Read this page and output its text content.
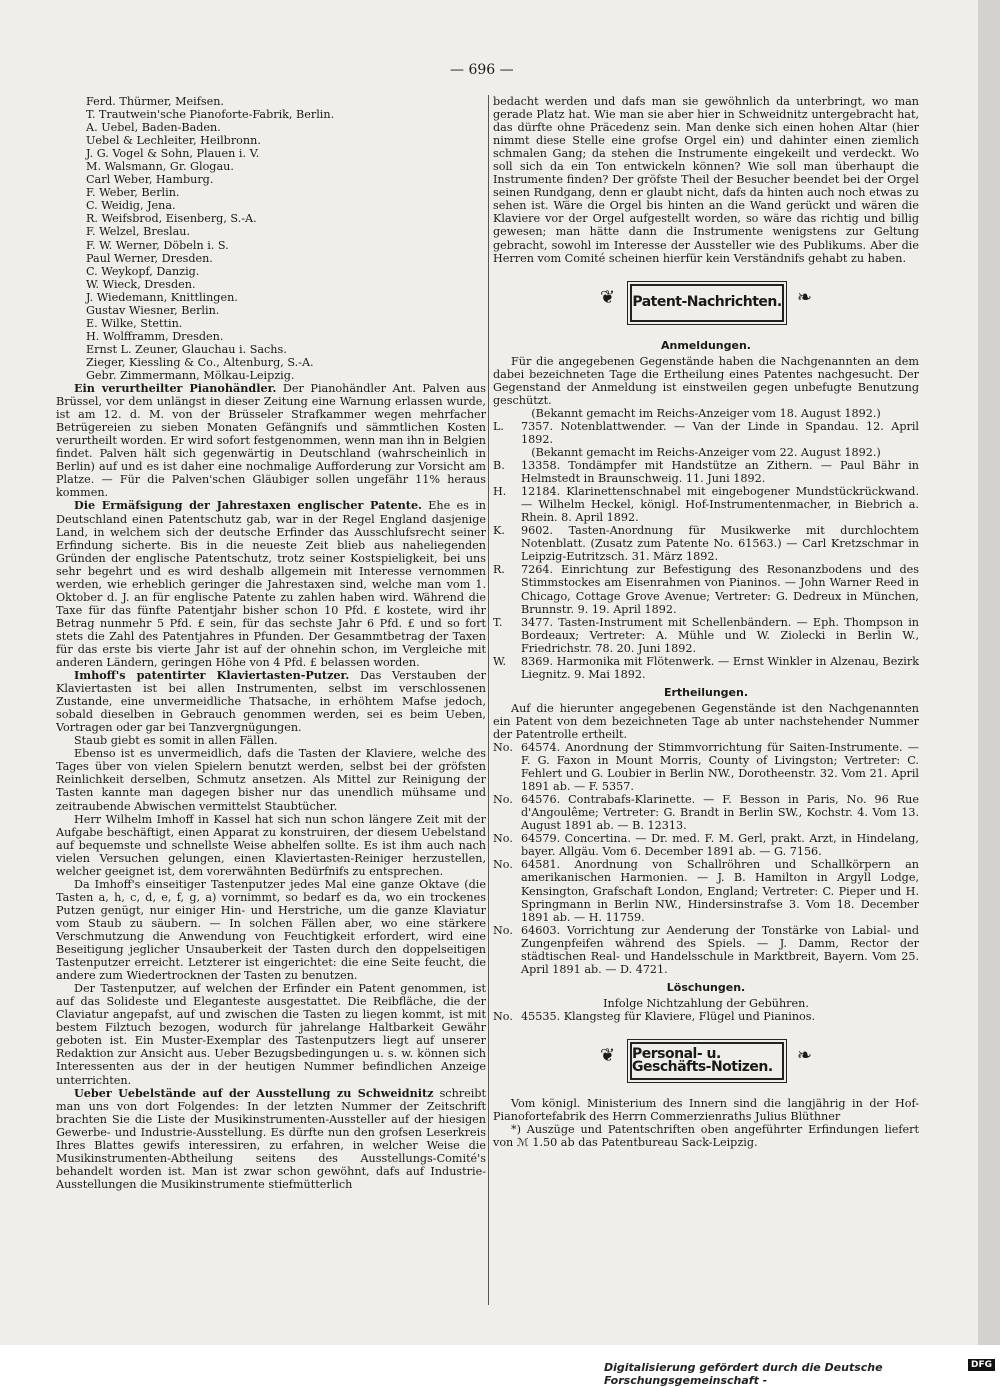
— 696 —
Ferd. Thürmer, Meifsen.
T. Trautwein'sche Pianoforte-Fabrik, Berlin.
A. Uebel, Baden-Baden.
Uebel & Lechleiter, Heilbronn.
J. G. Vogel & Sohn, Plauen i. V.
M. Walsmann, Gr. Glogau.
Carl Weber, Hamburg.
F. Weber, Berlin.
C. Weidig, Jena.
R. Weifsbrod, Eisenberg, S.-A.
F. Welzel, Breslau.
F. W. Werner, Döbeln i. S.
Paul Werner, Dresden.
C. Weykopf, Danzig.
W. Wieck, Dresden.
J. Wiedemann, Knittlingen.
Gustav Wiesner, Berlin.
E. Wilke, Stettin.
H. Wolfframm, Dresden.
Ernst L. Zeuner, Glauchau i. Sachs.
Zieger, Kiessling & Co., Altenburg, S.-A.
Gebr. Zimmermann, Mölkau-Leipzig.

Ein verurtheilter Pianohändler. Der Pianohändler Ant. Palven aus Brüssel, vor dem unlängst in dieser Zeitung eine Warnung erlassen wurde, ist am 12. d. M. von der Brüsseler Strafkammer wegen mehrfacher Betrügereien zu sieben Monaten Gefängnifs und sämmtlichen Kosten verurtheilt worden. Er wird sofort festgenommen, wenn man ihn in Belgien findet. Palven hält sich gegenwärtig in Deutschland (wahrscheinlich in Berlin) auf und es ist daher eine nochmalige Aufforderung zur Vorsicht am Platze. — Für die Palven'schen Gläubiger sollen ungefähr 11% heraus kommen.

Die Ermäfsigung der Jahrestaxen englischer Patente. Ehe es in Deutschland einen Patentschutz gab, war in der Regel England dasjenige Land, in welchem sich der deutsche Erfinder das Ausschlufsrecht seiner Erfindung sicherte. Bis in die neueste Zeit blieb aus naheliegenden Gründen der englische Patentschutz, trotz seiner Kostspieligkeit, bei uns sehr begehrt und es wird deshalb allgemein mit Interesse vernommen werden, wie erheblich geringer die Jahrestaxen sind, welche man vom 1. Oktober d. J. an für englische Patente zu zahlen haben wird. Während die Taxe für das fünfte Patentjahr bisher schon 10 Pfd. £ kostete, wird ihr Betrag nunmehr 5 Pfd. £ sein, für das sechste Jahr 6 Pfd. £ und so fort stets die Zahl des Patentjahres in Pfunden. Der Gesammtbetrag der Taxen für das erste bis vierte Jahr ist auf der ohnehin schon, im Vergleiche mit anderen Ländern, geringen Höhe von 4 Pfd. £ belassen worden.

Imhoff's patentirter Klaviertasten-Putzer. Das Verstauben der Klaviertasten ist bei allen Instrumenten, selbst im verschlossenen Zustande, eine unvermeidliche Thatsache, in erhöhtem Mafse jedoch, sobald dieselben in Gebrauch genommen werden, sei es beim Ueben, Vortragen oder gar bei Tanzvergnügungen.

Staub giebt es somit in allen Fällen.

Ebenso ist es unvermeidlich, dafs die Tasten der Klaviere, welche des Tages über von vielen Spielern benutzt werden, selbst bei der gröfsten Reinlichkeit derselben, Schmutz ansetzen. Als Mittel zur Reinigung der Tasten kannte man dagegen bisher nur das unendlich mühsame und zeitraubende Abwischen vermittelst Staubtücher.

Herr Wilhelm Imhoff in Kassel hat sich nun schon längere Zeit mit der Aufgabe beschäftigt, einen Apparat zu konstruiren, der diesem Uebelstand auf bequemste und schnellste Weise abhelfen sollte. Es ist ihm auch nach vielen Versuchen gelungen, einen Klaviertasten-Reiniger herzustellen, welcher geeignet ist, dem vorerwähnten Bedürfnifs zu entsprechen.

Da Imhoff's einseitiger Tastenputzer jedes Mal eine ganze Oktave (die Tasten a, h, c, d, e, f, g, a) vornimmt, so bedarf es da, wo ein trockenes Putzen genügt, nur einiger Hin- und Herstriche, um die ganze Klaviatur vom Staub zu säubern. — In solchen Fällen aber, wo eine stärkere Verschmutzung die Anwendung von Feuchtigkeit erfordert, wird eine Beseitigung jeglicher Unsauberkeit der Tasten durch den doppelseitigen Tastenputzer erreicht. Letzterer ist eingerichtet: die eine Seite feucht, die andere zum Wiedertrocknen der Tasten zu benutzen.

Der Tastenputzer, auf welchen der Erfinder ein Patent genommen, ist auf das Solideste und Eleganteste ausgestattet. Die Reibfläche, die der Claviatur angepafst, auf und zwischen die Tasten zu liegen kommt, ist mit bestem Filztuch bezogen, wodurch für jahrelange Haltbarkeit Gewähr geboten ist. Ein Muster-Exemplar des Tastenputzers liegt auf unserer Redaktion zur Ansicht aus. Ueber Bezugsbedingungen u. s. w. können sich Interessenten aus der in der heutigen Nummer befindlichen Anzeige unterrichten.

Ueber Uebelstände auf der Ausstellung zu Schweidnitz schreibt man uns von dort Folgendes: In der letzten Nummer der Zeitschrift brachten Sie die Liste der Musikinstrumenten-Aussteller auf der hiesigen Gewerbe- und Industrie-Ausstellung. Es dürfte nun den grofsen Leserkreis Ihres Blattes gewifs interessiren, zu erfahren, in welcher Weise die Musikinstrumenten-Abtheilung seitens des Ausstellungs-Comité's behandelt worden ist. Man ist zwar schon gewöhnt, dafs auf Industrie-Ausstellungen die Musikinstrumente stiefmütterlich

bedacht werden und dafs man sie gewöhnlich da unterbringt, wo man gerade Platz hat. Wie man sie aber hier in Schweidnitz untergebracht hat, das dürfte ohne Präcedenz sein. Man denke sich einen hohen Altar (hier nimmt diese Stelle eine grofse Orgel ein) und dahinter einen ziemlich schmalen Gang; da stehen die Instrumente eingekeilt und verdeckt. Wo soll sich da ein Ton entwickeln können? Wie soll man überhaupt die Instrumente finden? Der gröfste Theil der Besucher beendet bei der Orgel seinen Rundgang, denn er glaubt nicht, dafs da hinten auch noch etwas zu sehen ist. Wäre die Orgel bis hinten an die Wand gerückt und wären die Klaviere vor der Orgel aufgestellt worden, so wäre das richtig und billig gewesen; man hätte dann die Instrumente wenigstens zur Geltung gebracht, sowohl im Interesse der Aussteller wie des Publikums. Aber die Herren vom Comité scheinen hierfür kein Verständnifs gehabt zu haben.

❦ Patent-Nachrichten. ❧
Anmeldungen.

Für die angegebenen Gegenstände haben die Nachgenannten an dem dabei bezeichneten Tage die Ertheilung eines Patentes nachgesucht. Der Gegenstand der Anmeldung ist einstweilen gegen unbefugte Benutzung geschützt.

(Bekannt gemacht im Reichs-Anzeiger vom 18. August 1892.)

L.	7357. Notenblattwender. — Van der Linde in Spandau. 12. April 1892.

(Bekannt gemacht im Reichs-Anzeiger vom 22. August 1892.)

B.	13358. Tondämpfer mit Handstütze an Zithern. — Paul Bähr in Helmstedt in Braunschweig. 11. Juni 1892.
H.	12184. Klarinettenschnabel mit eingebogener Mundstückrückwand. — Wilhelm Heckel, königl. Hof-Instrumentenmacher, in Biebrich a. Rhein. 8. April 1892.
K.	9602. Tasten-Anordnung für Musikwerke mit durchlochtem Notenblatt. (Zusatz zum Patente No. 61563.) — Carl Kretzschmar in Leipzig-Eutritzsch. 31. März 1892.
R.	7264. Einrichtung zur Befestigung des Resonanzbodens und des Stimmstockes am Eisenrahmen von Pianinos. — John Warner Reed in Chicago, Cottage Grove Avenue; Vertreter: G. Dedreux in München, Brunnstr. 9. 19. April 1892.
T.	3477. Tasten-Instrument mit Schellenbändern. — Eph. Thompson in Bordeaux; Vertreter: A. Mühle und W. Ziolecki in Berlin W., Friedrichstr. 78. 20. Juni 1892.
W.	8369. Harmonika mit Flötenwerk. — Ernst Winkler in Alzenau, Bezirk Liegnitz. 9. Mai 1892.
Ertheilungen.

Auf die hierunter angegebenen Gegenstände ist den Nachgenannten ein Patent von dem bezeichneten Tage ab unter nachstehender Nummer der Patentrolle ertheilt.

No. 64574. Anordnung der Stimmvorrichtung für Saiten-Instrumente. — F. G. Faxon in Mount Morris, County of Livingston; Vertreter: C. Fehlert und G. Loubier in Berlin NW., Dorotheenstr. 32. Vom 21. April 1891 ab. — F. 5357.
No. 64576. Contrabafs-Klarinette. — F. Besson in Paris, No. 96 Rue d'Angoulême; Vertreter: G. Brandt in Berlin SW., Kochstr. 4. Vom 13. August 1891 ab. — B. 12313.
No. 64579. Concertina. — Dr. med. F. M. Gerl, prakt. Arzt, in Hindelang, bayer. Allgäu. Vom 6. December 1891 ab. — G. 7156.
No. 64581. Anordnung von Schallröhren und Schallkörpern an amerikanischen Harmonien. — J. B. Hamilton in Argyll Lodge, Kensington, Grafschaft London, England; Vertreter: C. Pieper und H. Springmann in Berlin NW., Hindersinstrafse 3. Vom 18. December 1891 ab. — H. 11759.
No. 64603. Vorrichtung zur Aenderung der Tonstärke von Labial- und Zungenpfeifen während des Spiels. — J. Damm, Rector der städtischen Real- und Handelsschule in Marktbreit, Bayern. Vom 25. April 1891 ab. — D. 4721.
Löschungen.

Infolge Nichtzahlung der Gebühren.

No. 45535. Klangsteg für Klaviere, Flügel und Pianinos.
❦ Personal- u. Geschäfts-Notizen.
❧

Vom königl. Ministerium des Innern sind die langjährig in der Hof-Pianofortefabrik des Herrn Commerzienraths Julius Blüthner

*) Auszüge und Patentschriften oben angeführter Erfindungen liefert von ℳ 1.50 ab das Patentbureau Sack-Leipzig.

Digitalisierung gefördert durch die Deutsche Forschungsgemeinschaft -
DFG
